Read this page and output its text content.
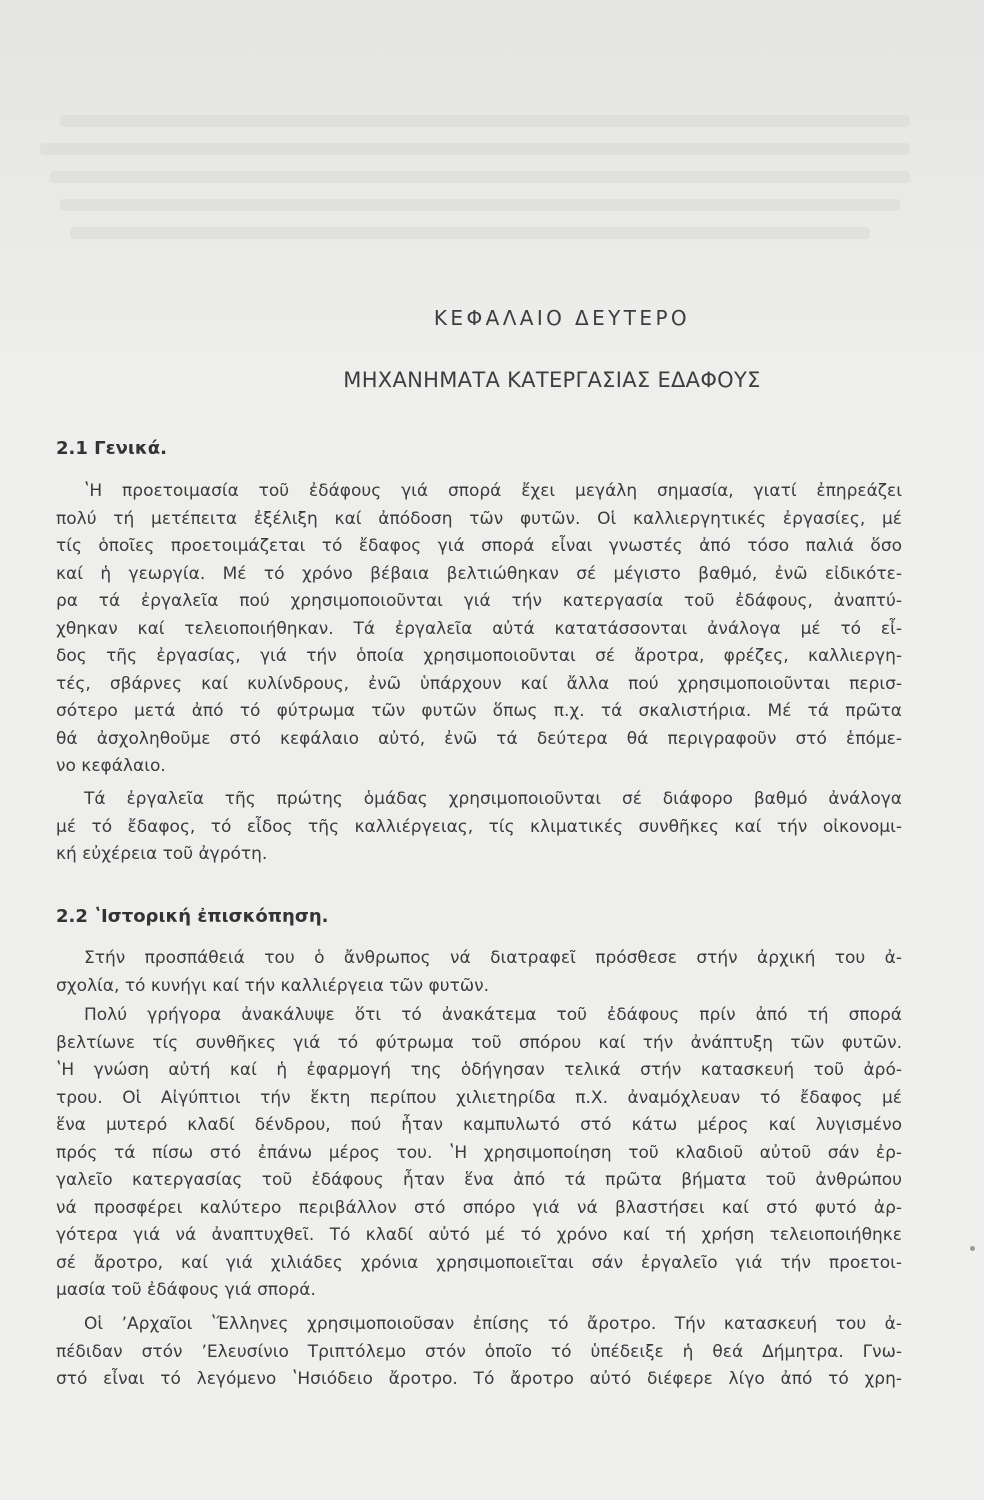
ΚΕΦΑΛΑΙΟ ΔΕΥΤΕΡΟ
ΜΗΧΑΝΗΜΑΤΑ ΚΑΤΕΡΓΑΣΙΑΣ ΕΔΑΦΟΥΣ
2.1 Γενικά.
ʽΗ προετοιμασία τοῦ ἐδάφους γιά σπορά ἔχει μεγάλη σημασία, γιατί ἐπηρεάζει
πολύ τή μετέπειτα ἐξέλιξη καί ἀπόδοση τῶν φυτῶν. Οἱ καλλιεργητικές ἐργασίες, μέ
τίς ὁποῖες προετοιμάζεται τό ἔδαφος γιά σπορά εἶναι γνωστές ἀπό τόσο παλιά ὅσο
καί ἡ γεωργία. Μέ τό χρόνο βέβαια βελτιώθηκαν σέ μέγιστο βαθμό, ἐνῶ εἰδικότε-
ρα τά ἐργαλεῖα πού χρησιμοποιοῦνται γιά τήν κατεργασία τοῦ ἐδάφους, ἀναπτύ-
χθηκαν καί τελειοποιήθηκαν. Τά ἐργαλεῖα αὐτά κατατάσσονται ἀνάλογα μέ τό εἶ-
δος τῆς ἐργασίας, γιά τήν ὁποία χρησιμοποιοῦνται σέ ἄροτρα, φρέζες, καλλιεργη-
τές, σβάρνες καί κυλίνδρους, ἐνῶ ὑπάρχουν καί ἄλλα πού χρησιμοποιοῦνται περισ-
σότερο μετά ἀπό τό φύτρωμα τῶν φυτῶν ὅπως π.χ. τά σκαλιστήρια. Μέ τά πρῶτα
θά ἀσχοληθοῦμε στό κεφάλαιο αὐτό, ἐνῶ τά δεύτερα θά περιγραφοῦν στό ἑπόμε-
νο κεφάλαιο.
Τά ἐργαλεῖα τῆς πρώτης ὁμάδας χρησιμοποιοῦνται σέ διάφορο βαθμό ἀνάλογα
μέ τό ἔδαφος, τό εἶδος τῆς καλλιέργειας, τίς κλιματικές συνθῆκες καί τήν οἰκονομι-
κή εὐχέρεια τοῦ ἀγρότη.
2.2 ʽΙστορική ἐπισκόπηση.
Στήν προσπάθειά του ὁ ἄνθρωπος νά διατραφεῖ πρόσθεσε στήν ἀρχική του ἀ-
σχολία, τό κυνήγι καί τήν καλλιέργεια τῶν φυτῶν.
Πολύ γρήγορα ἀνακάλυψε ὅτι τό ἀνακάτεμα τοῦ ἐδάφους πρίν ἀπό τή σπορά
βελτίωνε τίς συνθῆκες γιά τό φύτρωμα τοῦ σπόρου καί τήν ἀνάπτυξη τῶν φυτῶν.
ʽΗ γνώση αὐτή καί ἡ ἐφαρμογή της ὁδήγησαν τελικά στήν κατασκευή τοῦ ἀρό-
τρου. Οἱ Αἰγύπτιοι τήν ἕκτη περίπου χιλιετηρίδα π.Χ. ἀναμόχλευαν τό ἔδαφος μέ
ἕνα μυτερό κλαδί δένδρου, πού ἦταν καμπυλωτό στό κάτω μέρος καί λυγισμένο
πρός τά πίσω στό ἐπάνω μέρος του. ʽΗ χρησιμοποίηση τοῦ κλαδιοῦ αὐτοῦ σάν ἐρ-
γαλεῖο κατεργασίας τοῦ ἐδάφους ἦταν ἕνα ἀπό τά πρῶτα βήματα τοῦ ἀνθρώπου
νά προσφέρει καλύτερο περιβάλλον στό σπόρο γιά νά βλαστήσει καί στό φυτό ἀρ-
γότερα γιά νά ἀναπτυχθεῖ. Τό κλαδί αὐτό μέ τό χρόνο καί τή χρήση τελειοποιήθηκε
σέ ἄροτρο, καί γιά χιλιάδες χρόνια χρησιμοποιεῖται σάν ἐργαλεῖο γιά τήν προετοι-
μασία τοῦ ἐδάφους γιά σπορά.
Οἱ ʼΑρχαῖοι ʽΈλληνες χρησιμοποιοῦσαν ἐπίσης τό ἄροτρο. Τήν κατασκευή του ἀ-
πέδιδαν στόν ʼΕλευσίνιο Τριπτόλεμο στόν ὁποῖο τό ὑπέδειξε ἡ θεά Δήμητρα. Γνω-
στό εἶναι τό λεγόμενο ʽΗσιόδειο ἄροτρο. Τό ἄροτρο αὐτό διέφερε λίγο ἀπό τό χρη-
